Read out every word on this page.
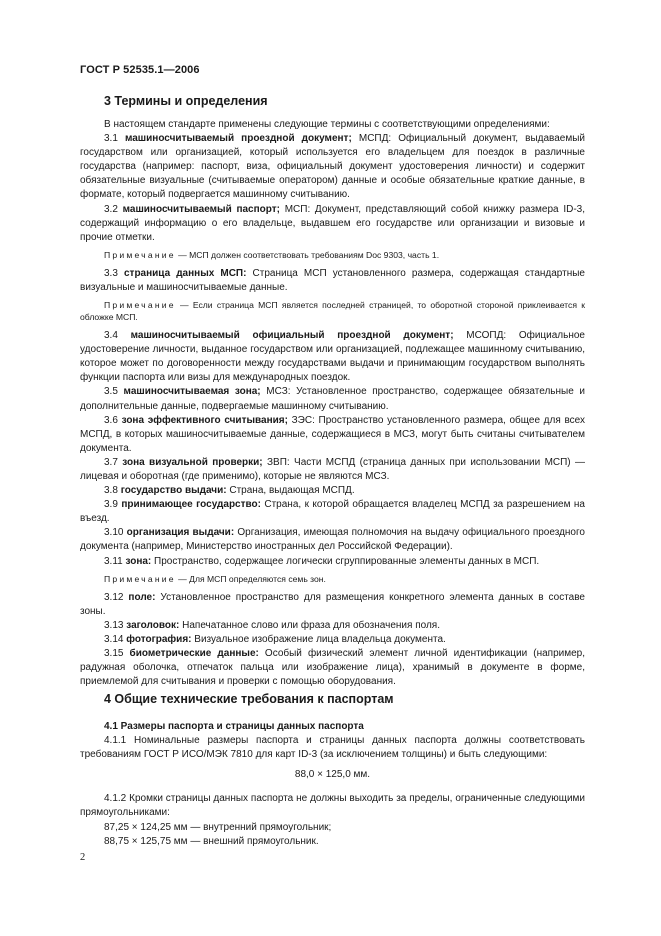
ГОСТ Р 52535.1—2006
3 Термины и определения

В настоящем стандарте применены следующие термины с соответствующими определениями:

3.1 машиносчитываемый проездной документ; МСПД: Официальный документ, выдаваемый государством или организацией, который используется его владельцем для поездок в различные государства (например: паспорт, виза, официальный документ удостоверения личности) и содержит обязательные визуальные (считываемые оператором) данные и особые обязательные краткие данные, в формате, который подвергается машинному считыванию.

3.2 машиносчитываемый паспорт; МСП: Документ, представляющий собой книжку размера ID-3, содержащий информацию о его владельце, выдавшем его государстве или организации и визовые и прочие отметки.

Примечание — МСП должен соответствовать требованиям Doc 9303, часть 1.

3.3 страница данных МСП: Страница МСП установленного размера, содержащая стандартные визуальные и машиносчитываемые данные.

Примечание — Если страница МСП является последней страницей, то оборотной стороной приклеивается к обложке МСП.

3.4 машиносчитываемый официальный проездной документ; МСОПД: Официальное удостоверение личности, выданное государством или организацией, подлежащее машинному считыванию, которое может по договоренности между государствами выдачи и принимающим государством выполнять функции паспорта или визы для международных поездок.

3.5 машиносчитываемая зона; МСЗ: Установленное пространство, содержащее обязательные и дополнительные данные, подвергаемые машинному считыванию.

3.6 зона эффективного считывания; ЗЭС: Пространство установленного размера, общее для всех МСПД, в которых машиносчитываемые данные, содержащиеся в МСЗ, могут быть считаны считывателем документа.

3.7 зона визуальной проверки; ЗВП: Части МСПД (страница данных при использовании МСП) — лицевая и оборотная (где применимо), которые не являются МСЗ.

3.8 государство выдачи: Страна, выдающая МСПД.

3.9 принимающее государство: Страна, к которой обращается владелец МСПД за разрешением на въезд.

3.10 организация выдачи: Организация, имеющая полномочия на выдачу официального проездного документа (например, Министерство иностранных дел Российской Федерации).

3.11 зона: Пространство, содержащее логически сгруппированные элементы данных в МСП.

Примечание — Для МСП определяются семь зон.

3.12 поле: Установленное пространство для размещения конкретного элемента данных в составе зоны.

3.13 заголовок: Напечатанное слово или фраза для обозначения поля.

3.14 фотография: Визуальное изображение лица владельца документа.

3.15 биометрические данные: Особый физический элемент личной идентификации (например, радужная оболочка, отпечаток пальца или изображение лица), хранимый в документе в форме, приемлемой для считывания и проверки с помощью оборудования.

4 Общие технические требования к паспортам

4.1 Размеры паспорта и страницы данных паспорта

4.1.1 Номинальные размеры паспорта и страницы данных паспорта должны соответствовать требованиям ГОСТ Р ИСО/МЭК 7810 для карт ID-3 (за исключением толщины) и быть следующими:

88,0 × 125,0 мм.

4.1.2 Кромки страницы данных паспорта не должны выходить за пределы, ограниченные следующими прямоугольниками:

87,25 × 124,25 мм — внутренний прямоугольник;

88,75 × 125,75 мм — внешний прямоугольник.

2
